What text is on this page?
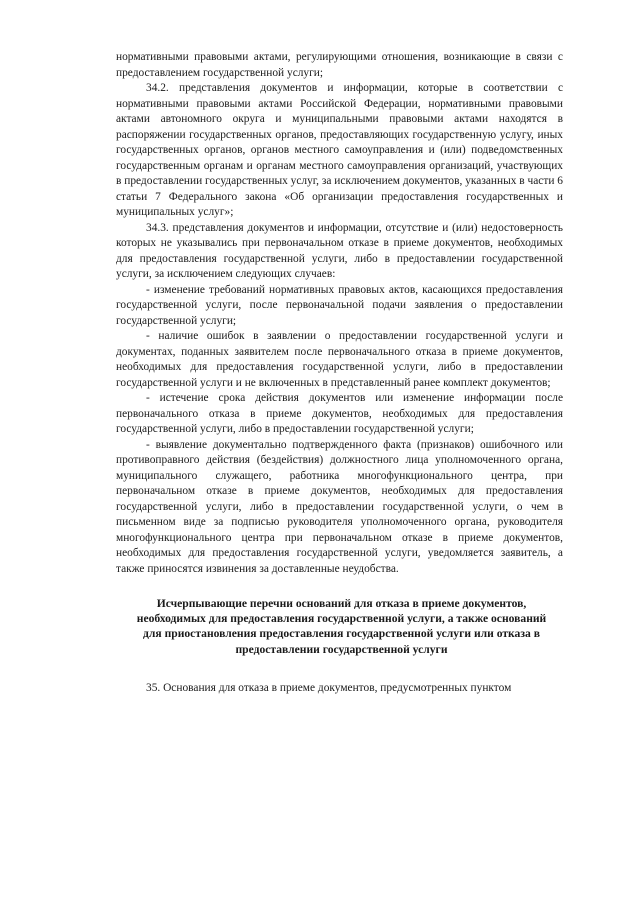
нормативными правовыми актами, регулирующими отношения, возникающие в связи с предоставлением государственной услуги;

34.2. представления документов и информации, которые в соответствии с нормативными правовыми актами Российской Федерации, нормативными правовыми актами автономного округа и муниципальными правовыми актами находятся в распоряжении государственных органов, предоставляющих государственную услугу, иных государственных органов, органов местного самоуправления и (или) подведомственных государственным органам и органам местного самоуправления организаций, участвующих в предоставлении государственных услуг, за исключением документов, указанных в части 6 статьи 7 Федерального закона «Об организации предоставления государственных и муниципальных услуг»;

34.3. представления документов и информации, отсутствие и (или) недостоверность которых не указывались при первоначальном отказе в приеме документов, необходимых для предоставления государственной услуги, либо в предоставлении государственной услуги, за исключением следующих случаев:

- изменение требований нормативных правовых актов, касающихся предоставления государственной услуги, после первоначальной подачи заявления о предоставлении государственной услуги;

- наличие ошибок в заявлении о предоставлении государственной услуги и документах, поданных заявителем после первоначального отказа в приеме документов, необходимых для предоставления государственной услуги, либо в предоставлении государственной услуги и не включенных в представленный ранее комплект документов;

- истечение срока действия документов или изменение информации после первоначального отказа в приеме документов, необходимых для предоставления государственной услуги, либо в предоставлении государственной услуги;

- выявление документально подтвержденного факта (признаков) ошибочного или противоправного действия (бездействия) должностного лица уполномоченного органа, муниципального служащего, работника многофункционального центра, при первоначальном отказе в приеме документов, необходимых для предоставления государственной услуги, либо в предоставлении государственной услуги, о чем в письменном виде за подписью руководителя уполномоченного органа, руководителя многофункционального центра при первоначальном отказе в приеме документов, необходимых для предоставления государственной услуги, уведомляется заявитель, а также приносятся извинения за доставленные неудобства.

Исчерпывающие перечни оснований для отказа в приеме документов, необходимых для предоставления государственной услуги, а также оснований для приостановления предоставления государственной услуги или отказа в предоставлении государственной услуги

35. Основания для отказа в приеме документов, предусмотренных пунктом
